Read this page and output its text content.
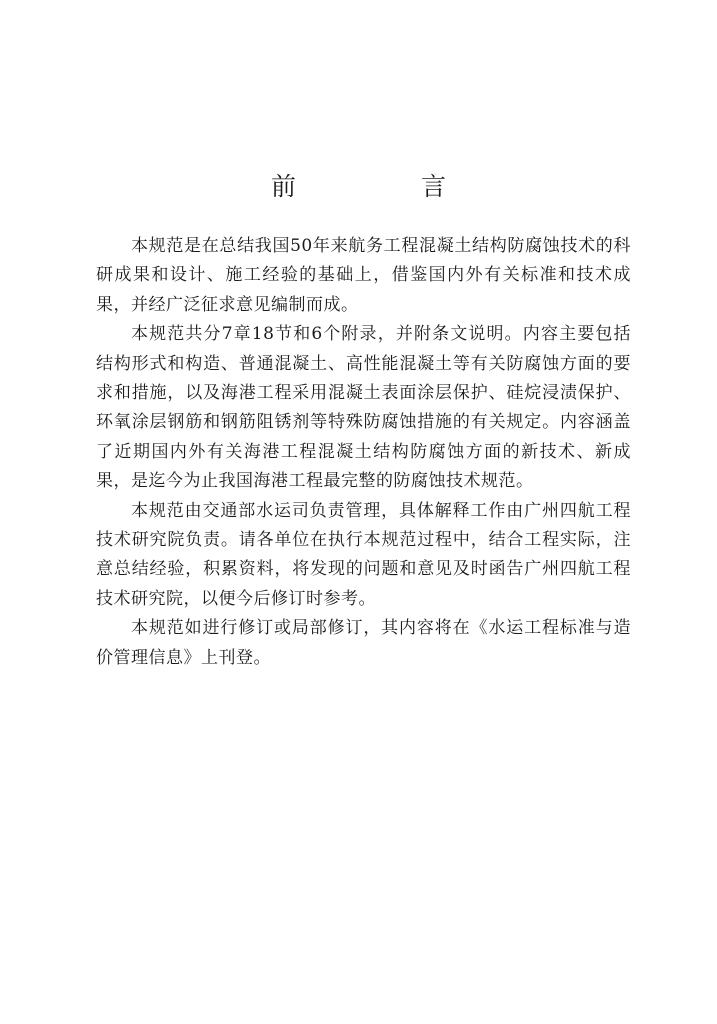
前　言

本规范是在总结我国50年来航务工程混凝土结构防腐蚀技术的科研成果和设计、施工经验的基础上，借鉴国内外有关标准和技术成果，并经广泛征求意见编制而成。

本规范共分7章18节和6个附录，并附条文说明。内容主要包括结构形式和构造、普通混凝土、高性能混凝土等有关防腐蚀方面的要求和措施，以及海港工程采用混凝土表面涂层保护、硅烷浸渍保护、环氧涂层钢筋和钢筋阻锈剂等特殊防腐蚀措施的有关规定。内容涵盖了近期国内外有关海港工程混凝土结构防腐蚀方面的新技术、新成果，是迄今为止我国海港工程最完整的防腐蚀技术规范。

本规范由交通部水运司负责管理，具体解释工作由广州四航工程技术研究院负责。请各单位在执行本规范过程中，结合工程实际，注意总结经验，积累资料，将发现的问题和意见及时函告广州四航工程技术研究院，以便今后修订时参考。

本规范如进行修订或局部修订，其内容将在《水运工程标准与造价管理信息》上刊登。
